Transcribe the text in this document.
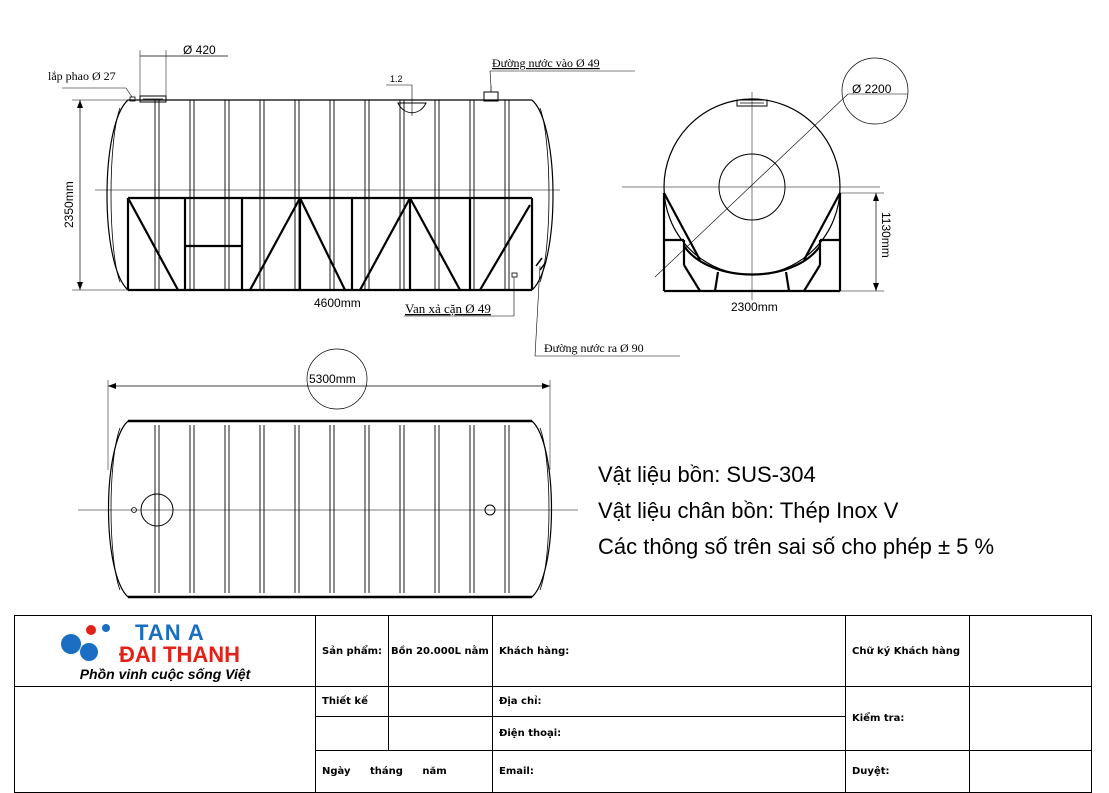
Ø 420
lắp phao Ø 27	1.2
Đường nước vào Ø 49
2350mm
4600mm	Van xả cặn Ø 49
Đường nước ra Ø 90
Ø 2200
1130mm
2300mm
5300mm
Vật liệu bồn: SUS-304
Vật liệu chân bồn: Thép Inox V
Các thông số trên sai số cho phép ± 5 %
TAN A
ĐAI THANH
Phồn vinh cuộc sống Việt	Sản phẩm:	Bồn 20.000L nằm	Khách hàng:	Chữ ký Khách hàng	

	Thiết kế		Địa chỉ:	Kiểm tra:	
			Điện thoại:		
	Ngày tháng năm		Email:	Duyệt:	
